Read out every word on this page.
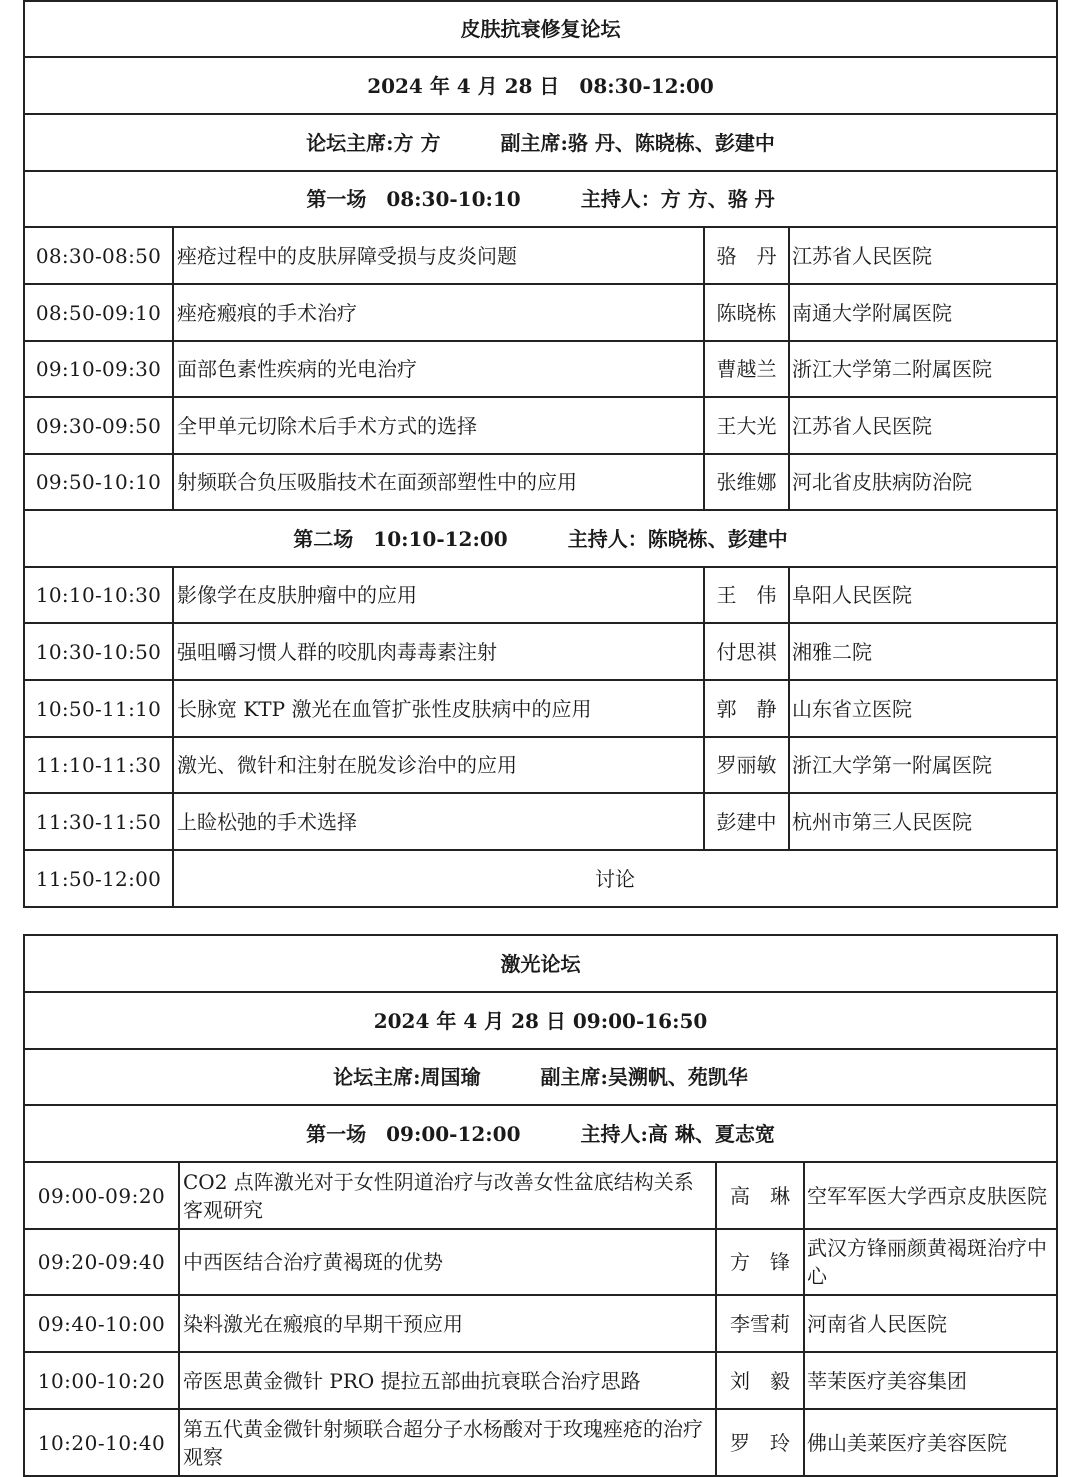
皮肤抗衰修复论坛			
2024 年 4 月 28 日　08:30-12:00			
论坛主席:方 方 副主席:骆 丹、陈晓栋、彭建中			
第一场　08:30-10:10 主持人：方 方、骆 丹			
08:30-08:50	痤疮过程中的皮肤屏障受损与皮炎问题	骆　丹	江苏省人民医院
08:50-09:10	痤疮瘢痕的手术治疗	陈晓栋	南通大学附属医院
09:10-09:30	面部色素性疾病的光电治疗	曹越兰	浙江大学第二附属医院
09:30-09:50	全甲单元切除术后手术方式的选择	王大光	江苏省人民医院
09:50-10:10	射频联合负压吸脂技术在面颈部塑性中的应用	张维娜	河北省皮肤病防治院
第二场　10:10-12:00 主持人：陈晓栋、彭建中			
10:10-10:30	影像学在皮肤肿瘤中的应用	王　伟	阜阳人民医院
10:30-10:50	强咀嚼习惯人群的咬肌肉毒毒素注射	付思祺	湘雅二院
10:50-11:10	长脉宽 KTP 激光在血管扩张性皮肤病中的应用	郭　静	山东省立医院
11:10-11:30	激光、微针和注射在脱发诊治中的应用	罗丽敏	浙江大学第一附属医院
11:30-11:50	上睑松弛的手术选择	彭建中	杭州市第三人民医院
11:50-12:00	讨论		
激光论坛			
2024 年 4 月 28 日 09:00-16:50			
论坛主席:周国瑜 副主席:吴溯帆、苑凯华			
第一场　09:00-12:00 主持人:高 琳、夏志宽			
09:00-09:20	CO2 点阵激光对于女性阴道治疗与改善女性盆底结构关系客观研究	高　琳	空军军医大学西京皮肤医院
09:20-09:40	中西医结合治疗黄褐斑的优势	方　锋	武汉方锋丽颜黄褐斑治疗中心
09:40-10:00	染料激光在瘢痕的早期干预应用	李雪莉	河南省人民医院
10:00-10:20	帝医思黄金微针 PRO 提拉五部曲抗衰联合治疗思路	刘　毅	莘茉医疗美容集团
10:20-10:40	第五代黄金微针射频联合超分子水杨酸对于玫瑰痤疮的治疗观察	罗　玲	佛山美莱医疗美容医院
